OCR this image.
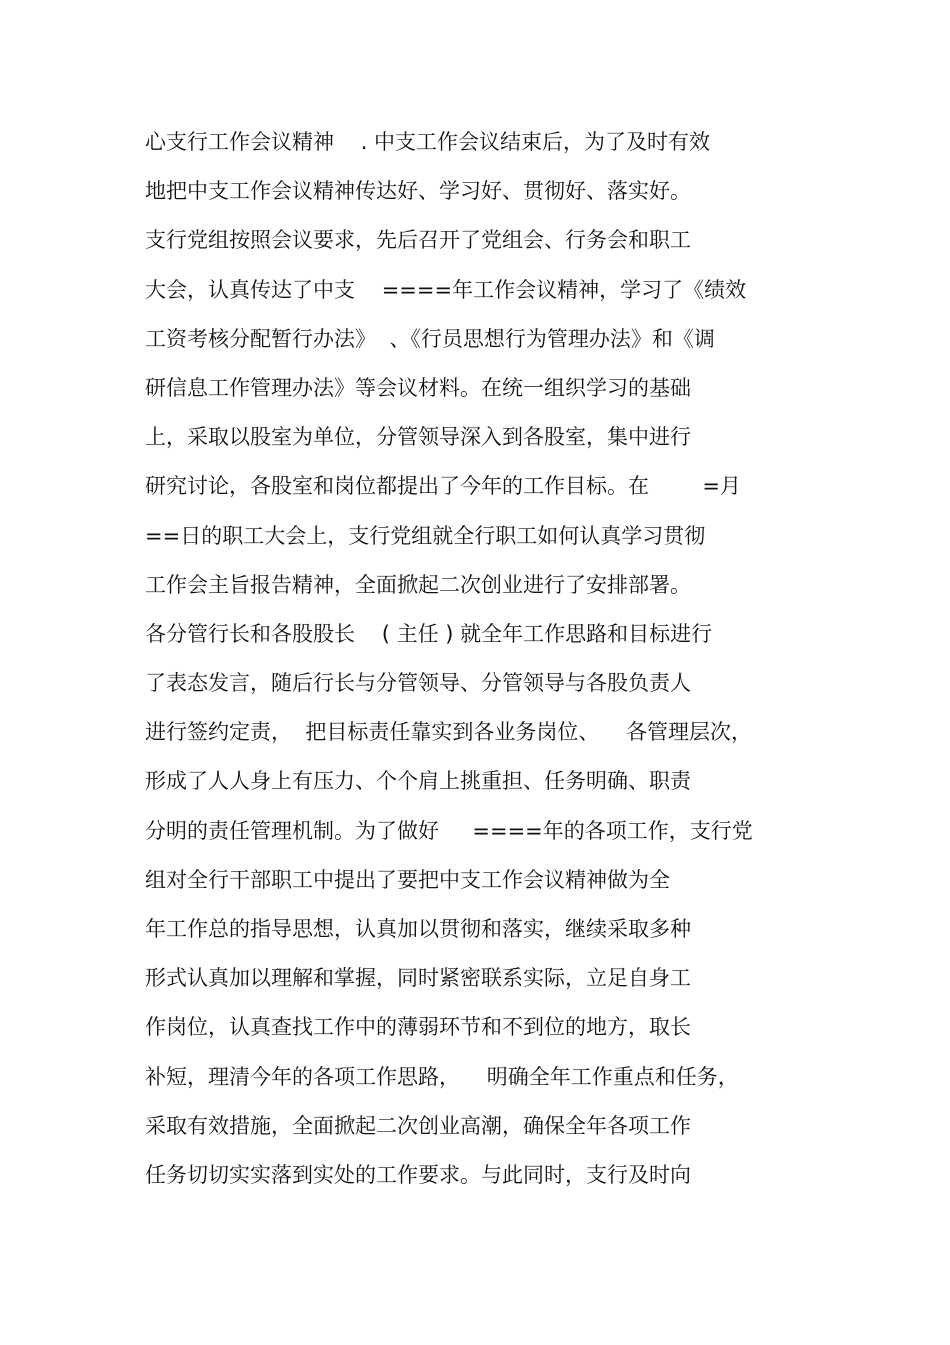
心支行工作会议精神    . 中支工作会议结束后，为了及时有效

地把中支工作会议精神传达好、学习好、贯彻好、落实好。

支行党组按照会议要求，先后召开了党组会、行务会和职工

大会，认真传达了中支    ====年工作会议精神，学习了《绩效

工资考核分配暂行办法》  、《行员思想行为管理办法》和《调

研信息工作管理办法》等会议材料。在统一组织学习的基础

上，采取以股室为单位，分管领导深入到各股室，集中进行

研究讨论，各股室和岗位都提出了今年的工作目标。在        =月

==日的职工大会上，支行党组就全行职工如何认真学习贯彻

工作会主旨报告精神，全面掀起二次创业进行了安排部署。

各分管行长和各股股长    ( 主任 ) 就全年工作思路和目标进行

了表态发言，随后行长与分管领导、分管领导与各股负责人

进行签约定责，  把目标责任靠实到各业务岗位、    各管理层次，

形成了人人身上有压力、个个肩上挑重担、任务明确、职责

分明的责任管理机制。为了做好     ====年的各项工作，支行党

组对全行干部职工中提出了要把中支工作会议精神做为全

年工作总的指导思想，认真加以贯彻和落实，继续采取多种

形式认真加以理解和掌握，同时紧密联系实际，立足自身工

作岗位，认真查找工作中的薄弱环节和不到位的地方，取长

补短，理清今年的各项工作思路，    明确全年工作重点和任务，

采取有效措施，全面掀起二次创业高潮，确保全年各项工作

任务切切实实落到实处的工作要求。与此同时，支行及时向
